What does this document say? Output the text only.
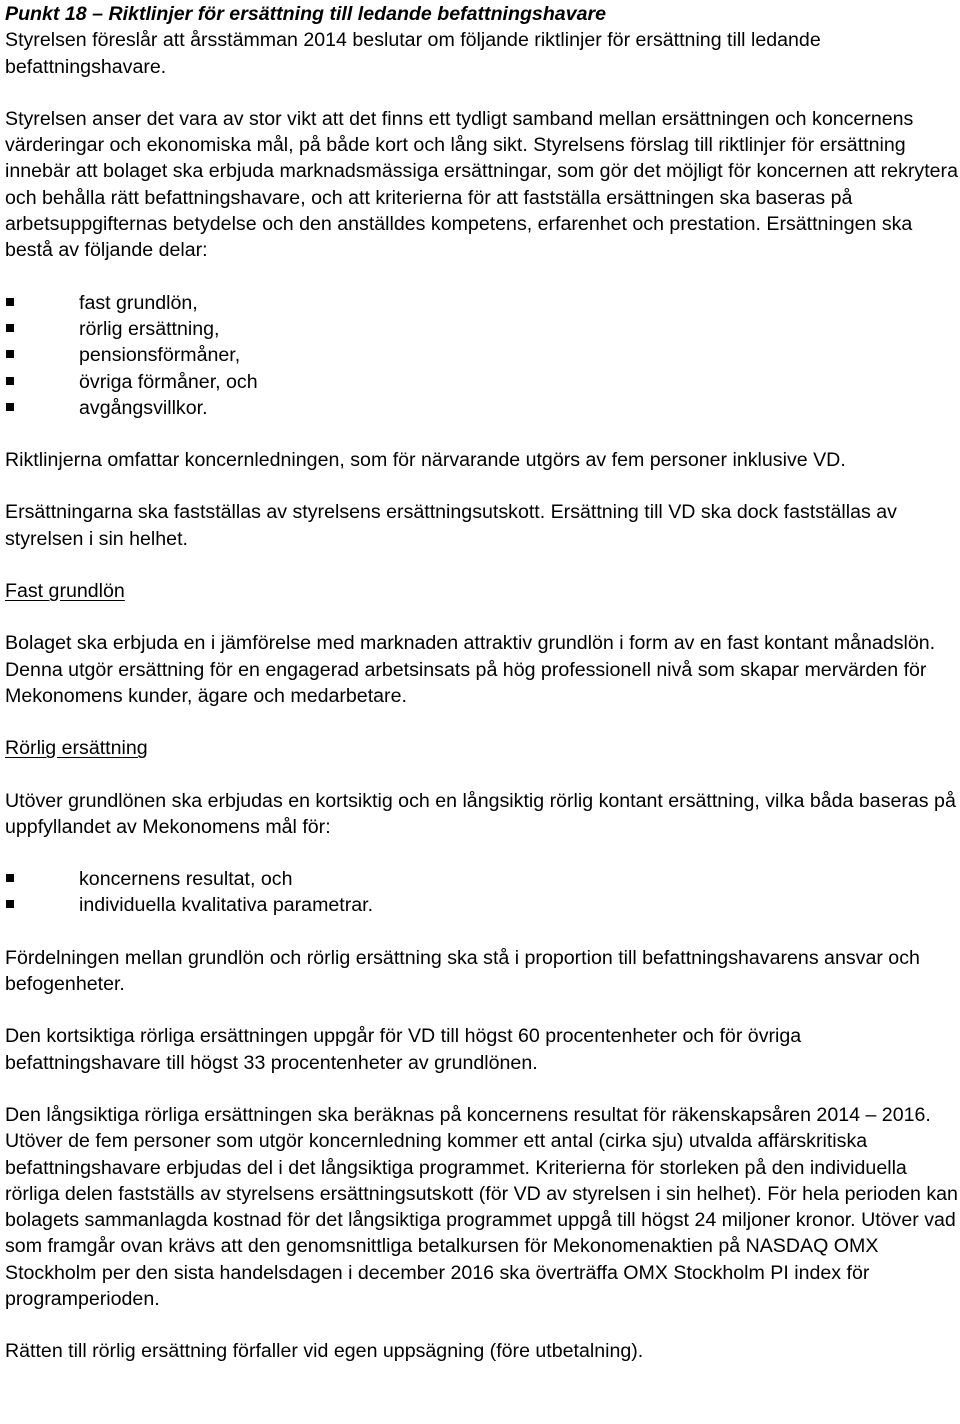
Punkt 18 – Riktlinjer för ersättning till ledande befattningshavare

Styrelsen föreslår att årsstämman 2014 beslutar om följande riktlinjer för ersättning till ledande befattningshavare.

Styrelsen anser det vara av stor vikt att det finns ett tydligt samband mellan ersättningen och koncernens värderingar och ekonomiska mål, på både kort och lång sikt. Styrelsens förslag till riktlinjer för ersättning innebär att bolaget ska erbjuda marknadsmässiga ersättningar, som gör det möjligt för koncernen att rekrytera och behålla rätt befattningshavare, och att kriterierna för att fastställa ersättningen ska baseras på arbetsuppgifternas betydelse och den anställdes kompetens, erfarenhet och prestation. Ersättningen ska bestå av följande delar:

fast grundlön,
rörlig ersättning,
pensionsförmåner,
övriga förmåner, och
avgångsvillkor.

Riktlinjerna omfattar koncernledningen, som för närvarande utgörs av fem personer inklusive VD.

Ersättningarna ska fastställas av styrelsens ersättningsutskott. Ersättning till VD ska dock fastställas av styrelsen i sin helhet.

Fast grundlön

Bolaget ska erbjuda en i jämförelse med marknaden attraktiv grundlön i form av en fast kontant månadslön. Denna utgör ersättning för en engagerad arbetsinsats på hög professionell nivå som skapar mervärden för Mekonomens kunder, ägare och medarbetare.

Rörlig ersättning

Utöver grundlönen ska erbjudas en kortsiktig och en långsiktig rörlig kontant ersättning, vilka båda baseras på uppfyllandet av Mekonomens mål för:

koncernens resultat, och
individuella kvalitativa parametrar.

Fördelningen mellan grundlön och rörlig ersättning ska stå i proportion till befattningshavarens ansvar och befogenheter.

Den kortsiktiga rörliga ersättningen uppgår för VD till högst 60 procentenheter och för övriga befattningshavare till högst 33 procentenheter av grundlönen.

Den långsiktiga rörliga ersättningen ska beräknas på koncernens resultat för räkenskapsåren 2014 – 2016. Utöver de fem personer som utgör koncernledning kommer ett antal (cirka sju) utvalda affärskritiska befattningshavare erbjudas del i det långsiktiga programmet. Kriterierna för storleken på den individuella rörliga delen fastställs av styrelsens ersättningsutskott (för VD av styrelsen i sin helhet). För hela perioden kan bolagets sammanlagda kostnad för det långsiktiga programmet uppgå till högst 24 miljoner kronor. Utöver vad som framgår ovan krävs att den genomsnittliga betalkursen för Mekonomenaktien på NASDAQ OMX Stockholm per den sista handelsdagen i december 2016 ska överträffa OMX Stockholm PI index för programperioden.

Rätten till rörlig ersättning förfaller vid egen uppsägning (före utbetalning).
